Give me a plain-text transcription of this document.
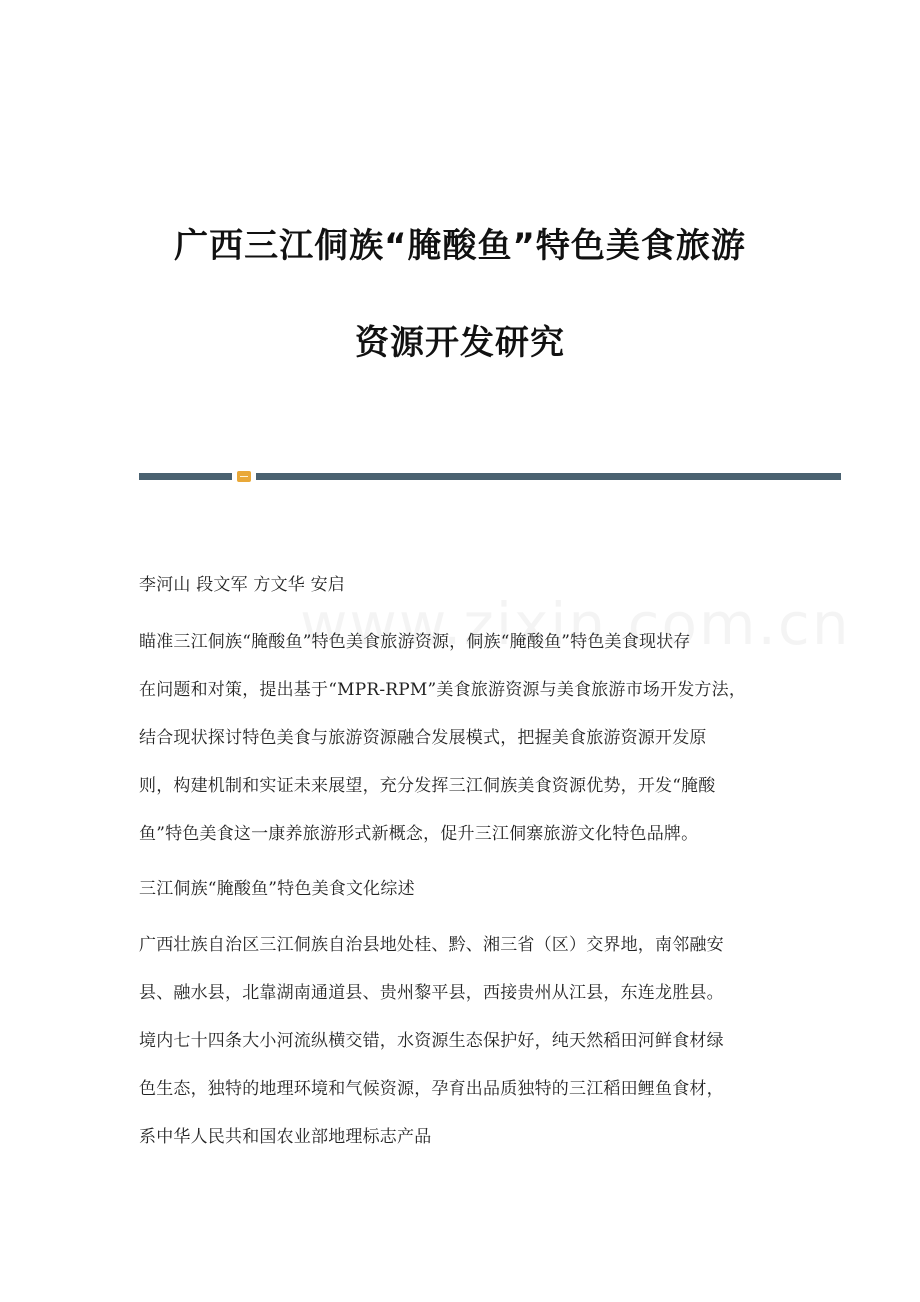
广西三江侗族“腌酸鱼”特色美食旅游
资源开发研究
李河山 段文军 方文华 安启
瞄准三江侗族“腌酸鱼”特色美食旅游资源，侗族“腌酸鱼”特色美食现状存
在问题和对策，提出基于“MPR-RPM”美食旅游资源与美食旅游市场开发方法，
结合现状探讨特色美食与旅游资源融合发展模式，把握美食旅游资源开发原
则，构建机制和实证未来展望，充分发挥三江侗族美食资源优势，开发“腌酸
鱼”特色美食这一康养旅游形式新概念，促升三江侗寨旅游文化特色品牌。
三江侗族“腌酸鱼”特色美食文化综述
广西壮族自治区三江侗族自治县地处桂、黔、湘三省（区）交界地，南邻融安
县、融水县，北靠湖南通道县、贵州黎平县，西接贵州从江县，东连龙胜县。
境内七十四条大小河流纵横交错，水资源生态保护好，纯天然稻田河鲜食材绿
色生态，独特的地理环境和气候资源，孕育出品质独特的三江稻田鲤鱼食材，
系中华人民共和国农业部地理标志产品
